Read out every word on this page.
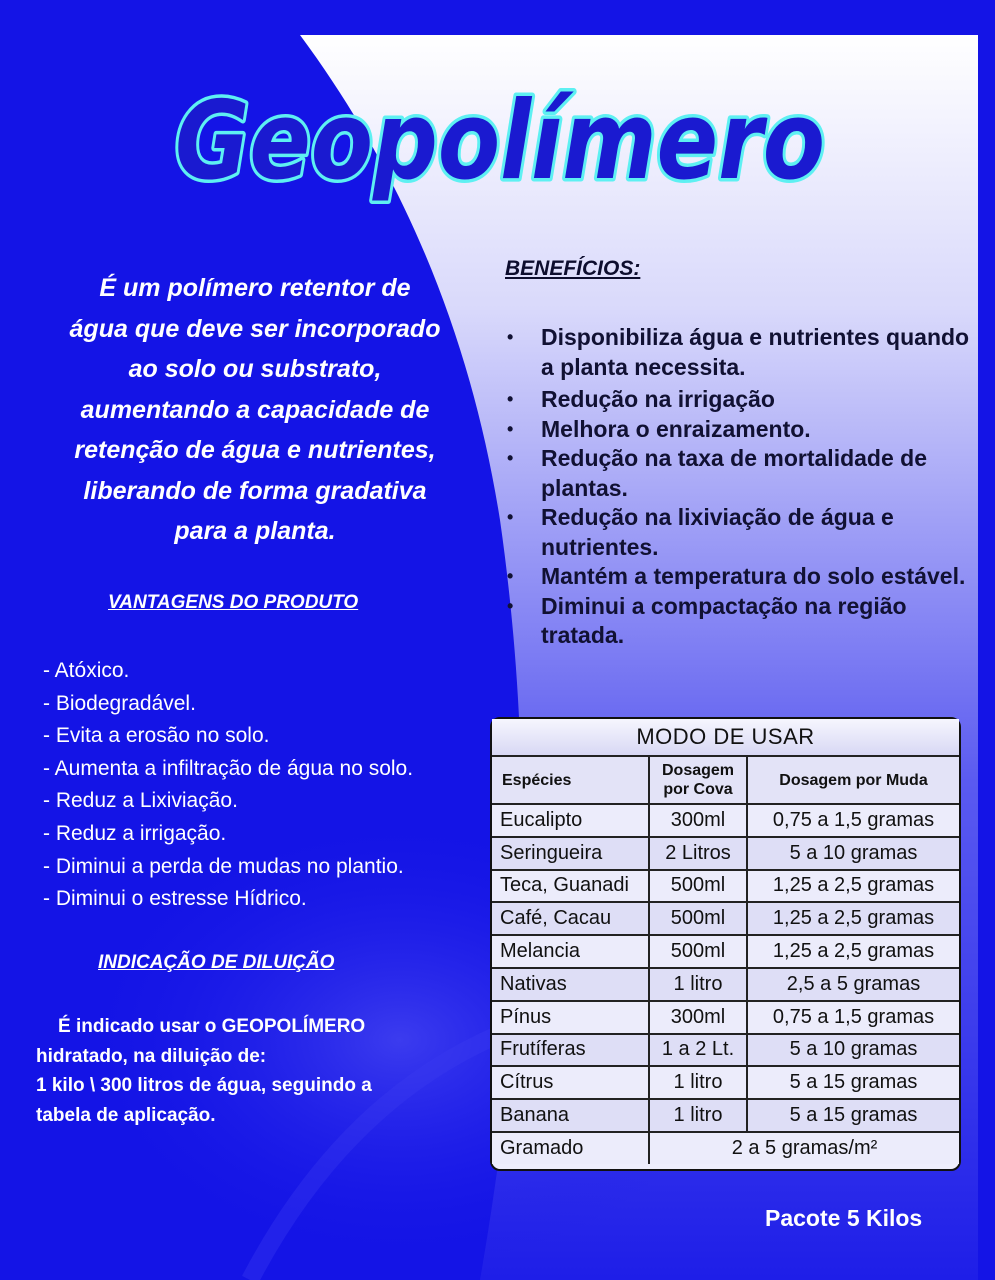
Geopolímero
É um polímero retentor de
água que deve ser incorporado
ao solo ou substrato,
aumentando a capacidade de
retenção de água e nutrientes,
liberando de forma gradativa
para a planta.
VANTAGENS DO PRODUTO
- Atóxico.
- Biodegradável.
- Evita a erosão no solo.
- Aumenta a infiltração de água no solo.
- Reduz a Lixiviação.
- Reduz a irrigação.
- Diminui a perda de mudas no plantio.
- Diminui o estresse Hídrico.
INDICAÇÃO DE DILUIÇÃO
É indicado usar o GEOPOLÍMERO
hidratado, na diluição de:
1 kilo \ 300 litros de água, seguindo a
tabela de aplicação.
BENEFÍCIOS:
• Disponibiliza água e nutrientes quando a planta necessita.
• Redução na irrigação
• Melhora o enraizamento.
• Redução na taxa de mortalidade de plantas.
• Redução na lixiviação de água e nutrientes.
• Mantém a temperatura do solo estável.
• Diminui a compactação na região tratada.
MODO DE USAR		
Espécies	Dosagem por Cova	Dosagem por Muda
Eucalipto	300ml	0,75 a 1,5 gramas
Seringueira	2 Litros	5 a 10 gramas
Teca, Guanadi	500ml	1,25 a 2,5 gramas
Café, Cacau	500ml	1,25 a 2,5 gramas
Melancia	500ml	1,25 a 2,5 gramas
Nativas	1 litro	2,5 a 5 gramas
Pínus	300ml	0,75 a 1,5 gramas
Frutíferas	1 a 2 Lt.	5 a 10 gramas
Cítrus	1 litro	5 a 15 gramas
Banana	1 litro	5 a 15 gramas
Gramado	2 a 5 gramas/m²	
Pacote 5 Kilos
